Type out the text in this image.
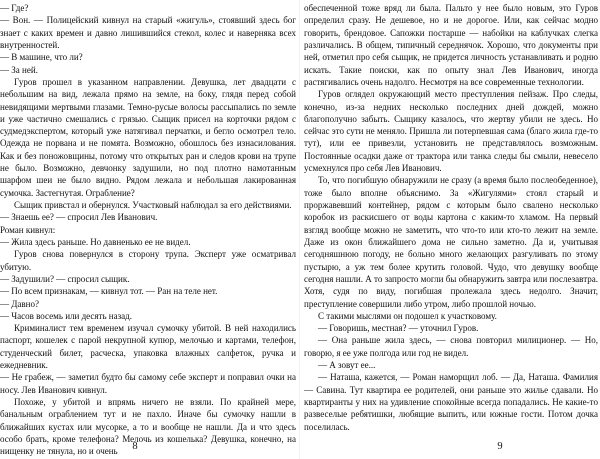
— Где?

— Вон. — Полицейский кивнул на старый «жигуль», стоявший здесь бог знает с каких времен и давно лишившийся стекол, колес и наверняка всех внутренностей.

— В машине, что ли?

— За ней.

Гуров прошел в указанном направлении. Девушка, лет двадцати с небольшим на вид, лежала прямо на земле, на боку, глядя перед собой невидящими мертвыми глазами. Темно-русые волосы рассыпались по земле и уже частично смешались с грязью. Сыщик присел на корточки рядом с судмедэкспертом, который уже натягивал перчатки, и бегло осмотрел тело. Одежда не порвана и не помята. Возможно, обошлось без изнасилования. Как и без поножовщины, потому что открытых ран и следов крови на трупе не было. Возможно, девчонку задушили, но под плотно намотанным шарфом шеи не было видно. Рядом лежала и небольшая лакированная сумочка. Застегнутая. Ограбление?

Сыщик привстал и обернулся. Участковый наблюдал за его действиями.

— Знаешь ее? — спросил Лев Иванович.

Роман кивнул:

— Жила здесь раньше. Но давненько ее не видел.

Гуров снова повернулся в сторону трупа. Эксперт уже осматривал убитую.

— Задушили? — спросил сыщик.

— По всем признакам, — кивнул тот. — Ран на теле нет.

— Давно?

— Часов восемь или десять назад.

Криминалист тем временем изучал сумочку убитой. В ней находились паспорт, кошелек с парой некрупной купюр, мелочью и картами, телефон, студенческий билет, расческа, упаковка влажных салфеток, ручка и ежедневник.

— Не грабеж, — заметил будто бы самому себе эксперт и поправил очки на носу. Лев Иванович кивнул.

Похоже, у убитой и впрямь ничего не взяли. По крайней мере, банальным ограблением тут и не пахло. Иначе бы сумочку нашли в ближайших кустах или мусорке, а то и вообще не нашли. Да и что здесь особо брать, кроме телефона? Мелочь из кошелька? Девушка, конечно, на нищенку не тянула, но и очень	8

обеспеченной тоже вряд ли была. Пальто у нее было новым, это Гуров определил сразу. Не дешевое, но и не дорогое. Или, как сейчас модно говорить, брендовое. Сапожки постарше — набойки на каблучках слегка различались. В общем, типичный середнячок. Хорошо, что документы при ней, отметил про себя сыщик, не придется личность устанавливать и родню искать. Такие поиски, как по опыту знал Лев Иванович, иногда растягивались очень надолго. Несмотря на все современные технологии.

Гуров оглядел окружающий место преступления пейзаж. Про следы, конечно, из-за недних несколько последних дней дождей, можно благополучно забыть. Сыщику казалось, что жертву убили не здесь. Но сейчас это сути не меняло. Пришла ли потерпевшая сама (благо жила где-то тут), или ее привезли, установить не представлялось возможным. Постоянные осадки даже от трактора или танка следы бы смыли, невесело усмехнулся про себя Лев Иванович.

То, что погибшую обнаружили не сразу (а время было послеобеденное), тоже было вполне объяснимо. За «Жигулями» стоял старый и проржавевший контейнер, рядом с которым было свалено несколько коробок из раскисшего от воды картона с каким-то хламом. На первый взгляд вообще можно не заметить, что что-то или кто-то лежит на земле. Даже из окон ближайшего дома не сильно заметно. Да и, учитывая сегодняшнюю погоду, не больно много желающих разгуливать по этому пустырю, а уж тем более крутить головой. Чудо, что девушку вообще сегодня нашли. А то запросто могли бы обнаружить завтра или послезавтра. Хотя, судя по виду, погибшая пролежала здесь недолго. Значит, преступление совершили либо утром, либо прошлой ночью.

С такими мыслями он подошел к участковому.

— Говоришь, местная? — уточнил Гуров.

— Она раньше жила здесь, — снова повторил милиционер. — Но, говорю, я ее уже полгода или год не видел.

— А зовут ее...

— Наташа, кажется, — Роман наморщил лоб. — Да, Наташа. Фамилия — Савина. Тут квартира ее родителей, они раньше это жилье сдавали. Но квартиранты у них на удивление спокойные всегда попадались. Не какие-то развеселые ребятишки, любящие выпить, или южные гости. Потом дочка поселилась.

9
